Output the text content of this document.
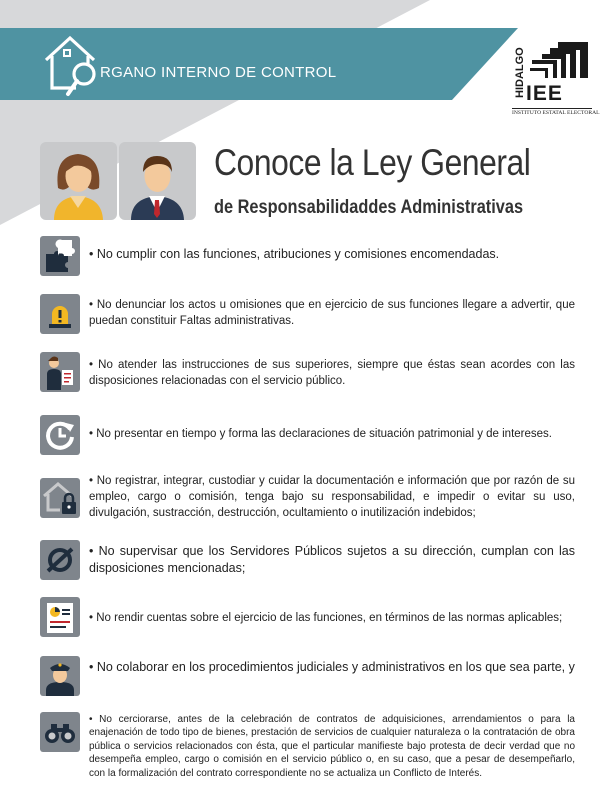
RGANO INTERNO DE CONTROL	HIDALGO IEE
INSTITUTO ESTATAL ELECTORAL
Conoce la Ley General
de Responsabilidaddes Administrativas
• No cumplir con las funciones, atribuciones y comisiones encomendadas.
• No denunciar los actos u omisiones que en ejercicio de sus funciones llegare a advertir, que puedan constituir Faltas administrativas.
• No atender las instrucciones de sus superiores, siempre que éstas sean acordes con las disposiciones relacionadas con el servicio público.
• No presentar en tiempo y forma las declaraciones de situación patrimonial y de intereses.
• No registrar, integrar, custodiar y cuidar la documentación e información que por razón de su empleo, cargo o comisión, tenga bajo su responsabilidad, e impedir o evitar su uso, divulgación, sustracción, destrucción, ocultamiento o inutilización indebidos;
• No supervisar que los Servidores Públicos sujetos a su dirección, cumplan con las disposiciones mencionadas;
• No rendir cuentas sobre el ejercicio de las funciones, en términos de las normas aplicables;
• No colaborar en los procedimientos judiciales y administrativos en los que sea parte, y
• No cerciorarse, antes de la celebración de contratos de adquisiciones, arrendamientos o para la enajenación de todo tipo de bienes, prestación de servicios de cualquier naturaleza o la contratación de obra pública o servicios relacionados con ésta, que el particular manifieste bajo protesta de decir verdad que no desempeña empleo, cargo o comisión en el servicio público o, en su caso, que a pesar de desempeñarlo, con la formalización del contrato correspondiente no se actualiza un Conflicto de Interés.
